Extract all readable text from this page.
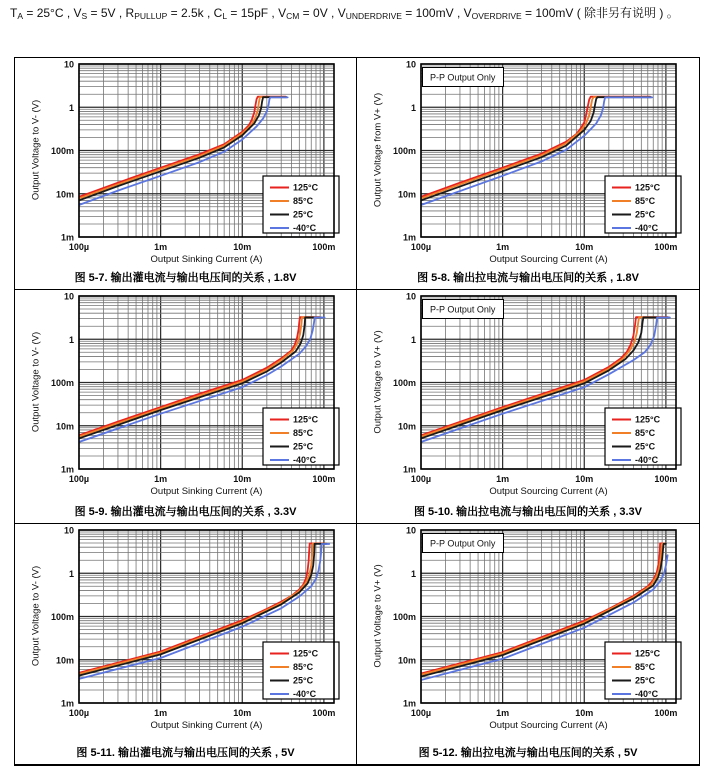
$T_A = 25^\circ C$ , $V_S = 5V$ , $R_{PULLUP} = 2.5k$ , $C_L = 15pF$ , $V_{CM} = 0V$ , $V_{UNDERDRIVE} = 100mV$ , $V_{OVERDRIVE} = 100mV$ ( 除非另有说明 ) 。
Output Voltage to V- (V)	125°C
85°C
25°C
-40°C
100µ	1m	10m	100m
1m
10m
100m
1
10
Output Sinking Current (A)
图 5-7. 输出灌电流与输出电压间的关系 , 1.8V
Output Voltage from V+ (V)
P-P Output Only
125°C
85°C
25°C
-40°C
100µ	1m	10m	100m
1m
10m
100m
1
10
Output Sourcing Current (A)
图 5-8. 输出拉电流与输出电压间的关系 , 1.8V
Output Voltage to V- (V)	125°C
85°C
25°C
-40°C
100µ	1m	10m	100m
1m
10m
100m
1
10
Output Sinking Current (A)
图 5-9. 输出灌电流与输出电压间的关系 , 3.3V
Output Voltage to V+ (V)
P-P Output Only
125°C
85°C
25°C
-40°C
100µ	1m	10m	100m
1m
10m
100m
1
10
Output Sourcing Current (A)
图 5-10. 输出拉电流与输出电压间的关系 , 3.3V
Output Voltage to V- (V)	125°C
85°C
25°C
-40°C
100µ	1m	10m	100m
1m
10m
100m
1
10
Output Sinking Current (A)
图 5-11. 输出灌电流与输出电压间的关系 , 5V
Output Voltage to V+ (V)
P-P Output Only
125°C
85°C
25°C
-40°C
100µ	1m	10m	100m
1m
10m
100m
1
10
Output Sourcing Current (A)
图 5-12. 输出拉电流与输出电压间的关系 , 5V
